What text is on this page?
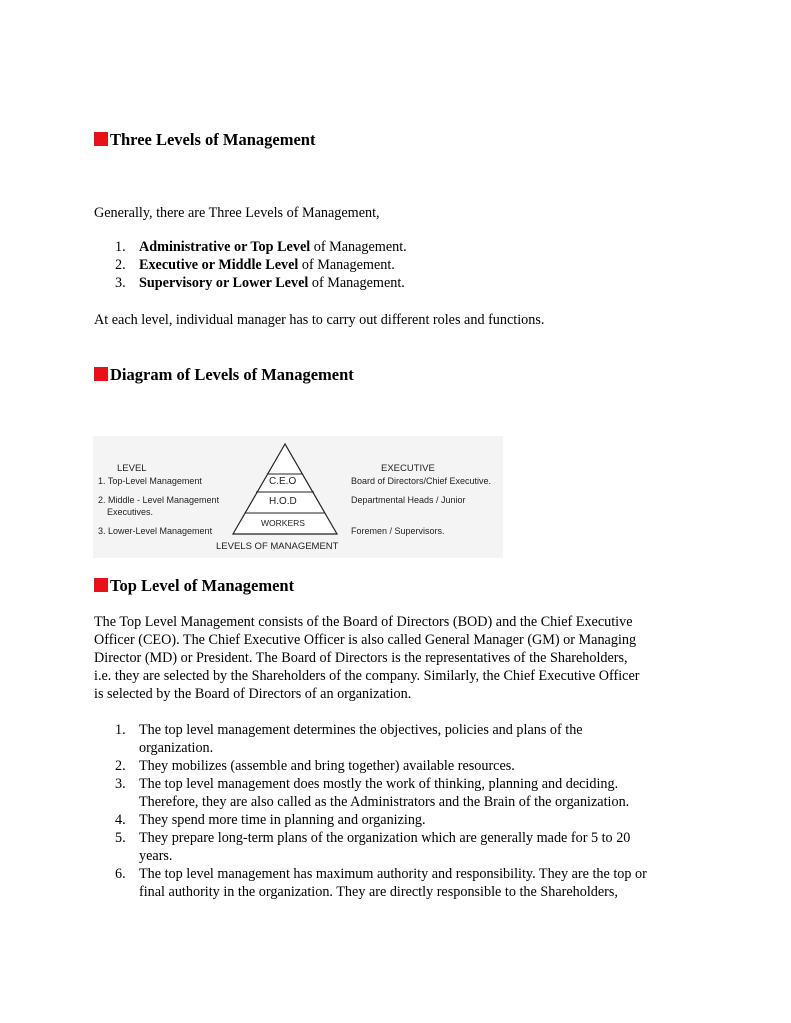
Three Levels of Management
Generally, there are Three Levels of Management,
1. Administrative or Top Level of Management.
2. Executive or Middle Level of Management.
3. Supervisory or Lower Level of Management.
At each level, individual manager has to carry out different roles and functions.
Diagram of Levels of Management
LEVEL	EXECUTIVE
1. Top-Level Management
2. Middle - Level Management
Executives.
3. Lower-Level Management
Board of Directors/Chief Executive.
Departmental Heads / Junior
Foremen / Supervisors.
C.E.O
H.O.D
WORKERS
LEVELS OF MANAGEMENT
Top Level of Management
The Top Level Management consists of the Board of Directors (BOD) and the Chief Executive
Officer (CEO). The Chief Executive Officer is also called General Manager (GM) or Managing
Director (MD) or President. The Board of Directors is the representatives of the Shareholders,
i.e. they are selected by the Shareholders of the company. Similarly, the Chief Executive Officer
is selected by the Board of Directors of an organization.
1. The top level management determines the objectives, policies and plans of the
organization.
2. They mobilizes (assemble and bring together) available resources.
3. The top level management does mostly the work of thinking, planning and deciding.
Therefore, they are also called as the Administrators and the Brain of the organization.
4. They spend more time in planning and organizing.
5. They prepare long-term plans of the organization which are generally made for 5 to 20
years.
6. The top level management has maximum authority and responsibility. They are the top or
final authority in the organization. They are directly responsible to the Shareholders,
